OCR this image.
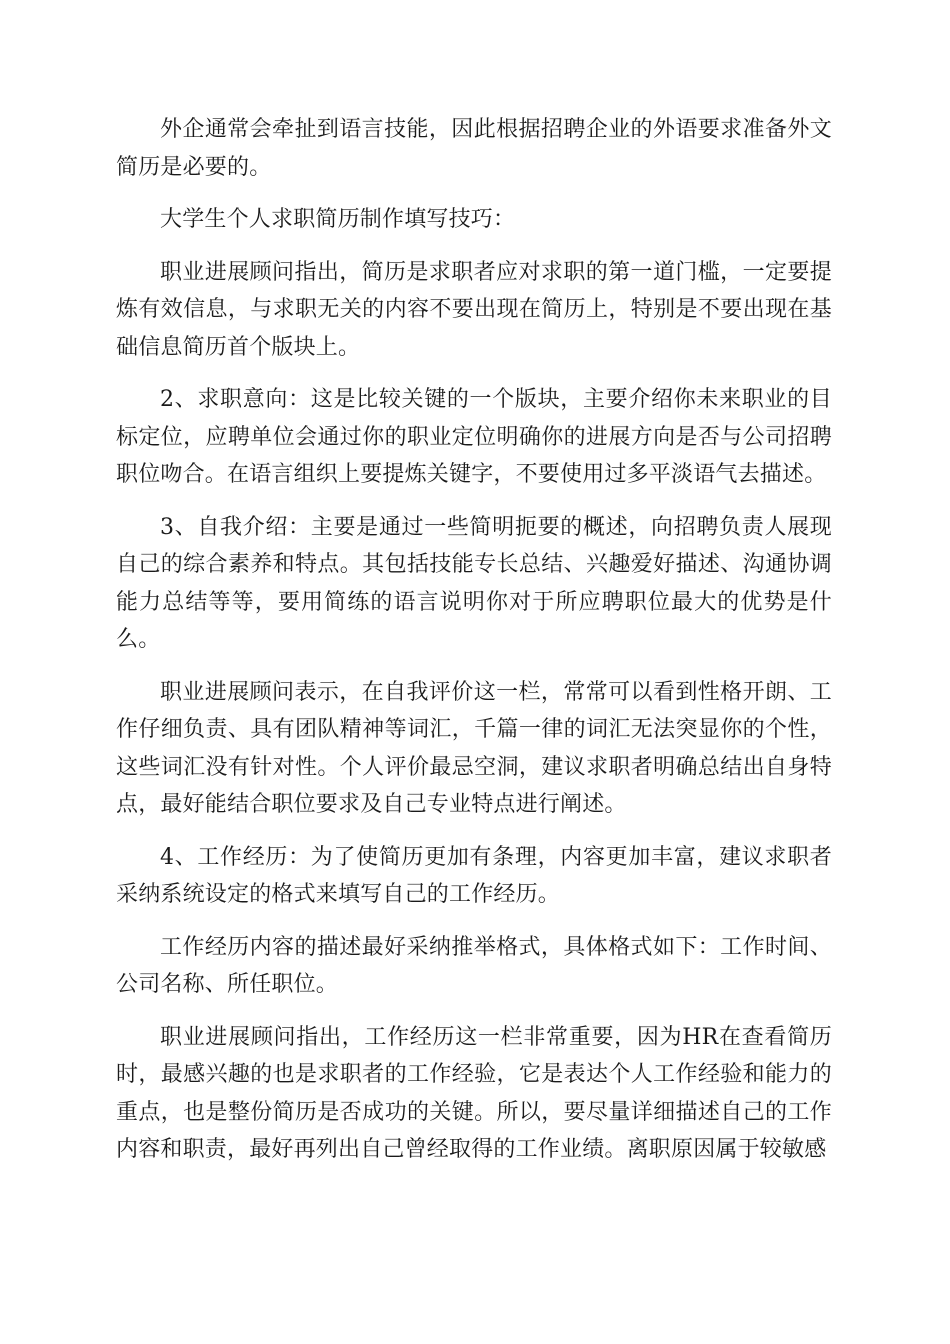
外企通常会牵扯到语言技能，因此根据招聘企业的外语要求准备外文简历是必要的。

大学生个人求职简历制作填写技巧：

职业进展顾问指出，简历是求职者应对求职的第一道门槛，一定要提炼有效信息，与求职无关的内容不要出现在简历上，特别是不要出现在基础信息简历首个版块上。

2、求职意向：这是比较关键的一个版块，主要介绍你未来职业的目标定位，应聘单位会通过你的职业定位明确你的进展方向是否与公司招聘职位吻合。在语言组织上要提炼关键字，不要使用过多平淡语气去描述。

3、自我介绍：主要是通过一些简明扼要的概述，向招聘负责人展现自己的综合素养和特点。其包括技能专长总结、兴趣爱好描述、沟通协调能力总结等等，要用简练的语言说明你对于所应聘职位最大的优势是什么。

职业进展顾问表示，在自我评价这一栏，常常可以看到性格开朗、工作仔细负责、具有团队精神等词汇，千篇一律的词汇无法突显你的个性，这些词汇没有针对性。个人评价最忌空洞，建议求职者明确总结出自身特点，最好能结合职位要求及自己专业特点进行阐述。

4、工作经历：为了使简历更加有条理，内容更加丰富，建议求职者采纳系统设定的格式来填写自己的工作经历。

工作经历内容的描述最好采纳推举格式，具体格式如下：工作时间、公司名称、所任职位。

职业进展顾问指出，工作经历这一栏非常重要，因为HR在查看简历时，最感兴趣的也是求职者的工作经验，它是表达个人工作经验和能力的重点，也是整份简历是否成功的关键。所以，要尽量详细描述自己的工作内容和职责，最好再列出自己曾经取得的工作业绩。离职原因属于较敏感
